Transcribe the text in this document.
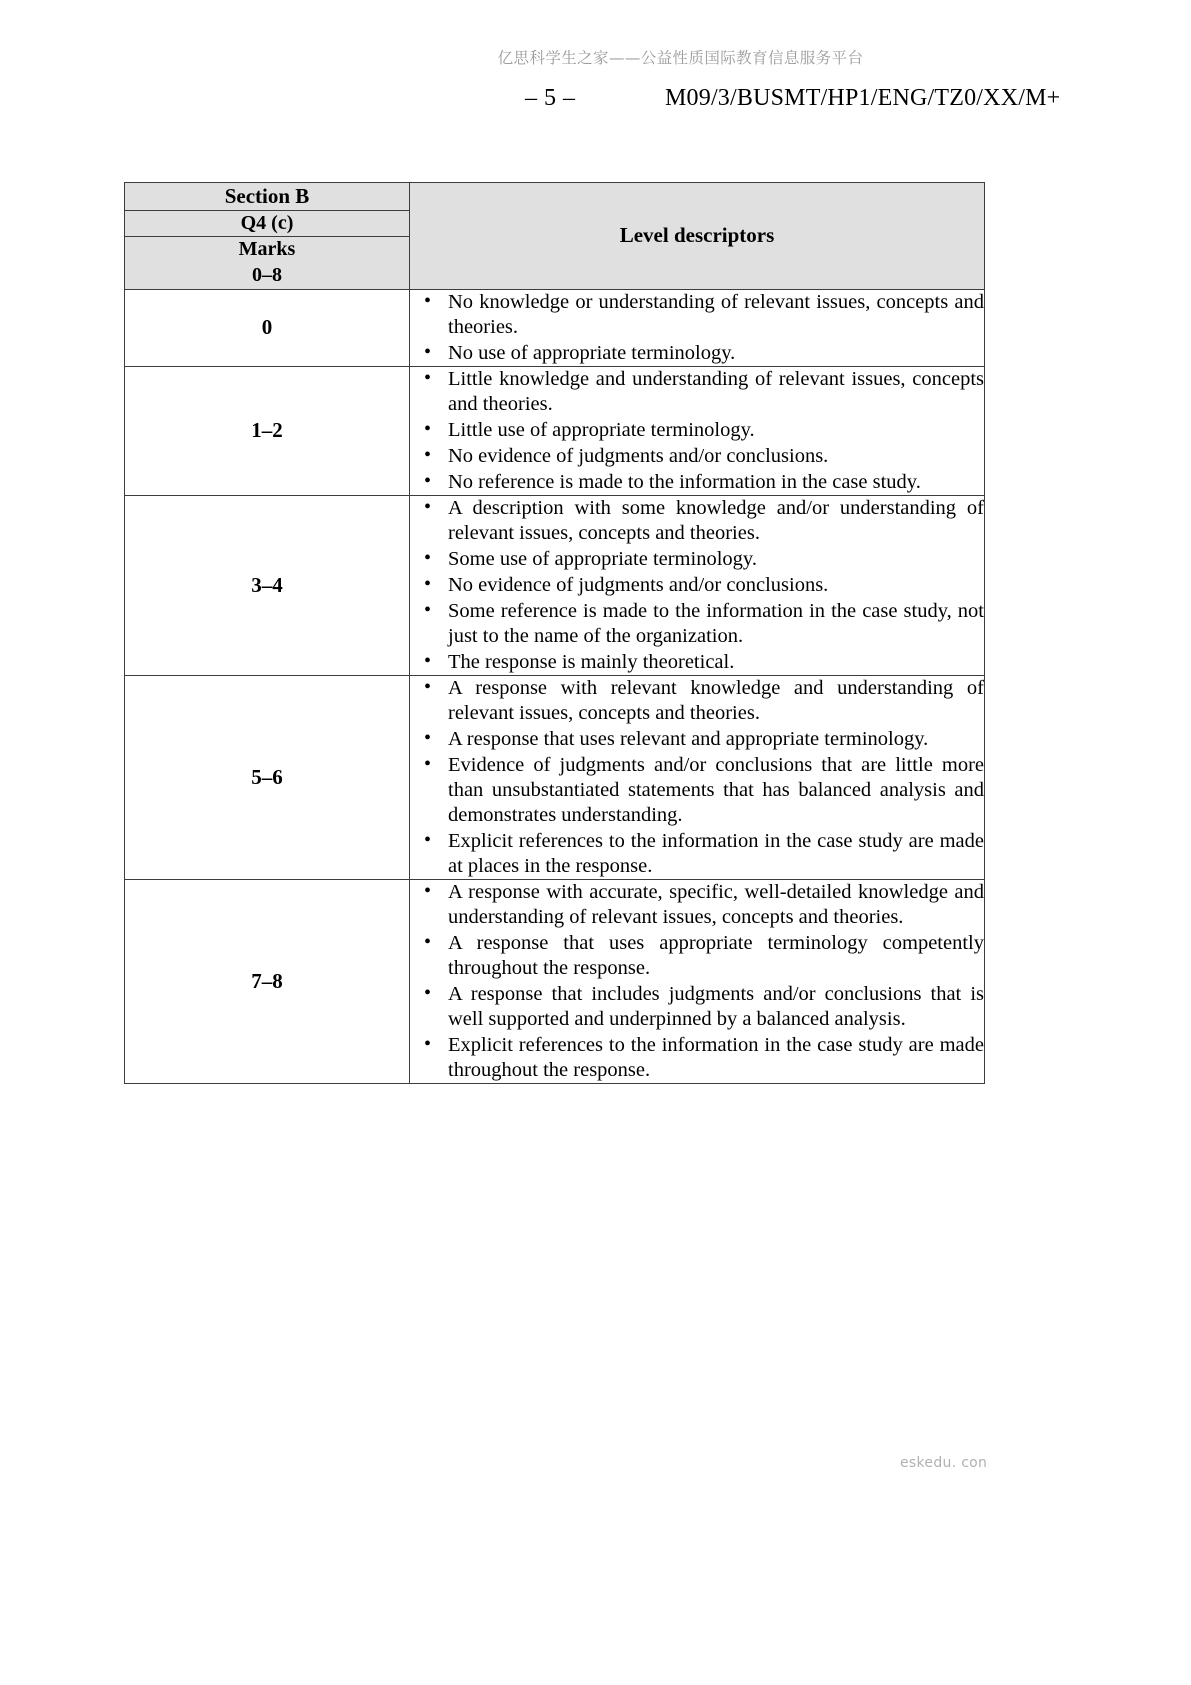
亿思科学生之家——公益性质国际教育信息服务平台
– 5 –	M09/3/BUSMT/HP1/ENG/TZ0/XX/M+
Section B	Level descriptors
Q4 (c)	

Marks
0–8	

0	
• No knowledge or understanding of relevant issues, concepts and theories.
• No use of appropriate terminology.

1–2	
• Little knowledge and understanding of relevant issues, concepts and theories.
• Little use of appropriate terminology.
• No evidence of judgments and/or conclusions.
• No reference is made to the information in the case study.

3–4	
• A description with some knowledge and/or understanding of relevant issues, concepts and theories.
• Some use of appropriate terminology.
• No evidence of judgments and/or conclusions.
• Some reference is made to the information in the case study, not just to the name of the organization.
• The response is mainly theoretical.

5–6	
• A response with relevant knowledge and understanding of relevant issues, concepts and theories.
• A response that uses relevant and appropriate terminology.
• Evidence of judgments and/or conclusions that are little more than unsubstantiated statements that has balanced analysis and demonstrates understanding.
• Explicit references to the information in the case study are made at places in the response.

7–8	
• A response with accurate, specific, well-detailed knowledge and understanding of relevant issues, concepts and theories.
• A response that uses appropriate terminology competently throughout the response.
• A response that includes judgments and/or conclusions that is well supported and underpinned by a balanced analysis.
• Explicit references to the information in the case study are made throughout the response.
eskedu. con
